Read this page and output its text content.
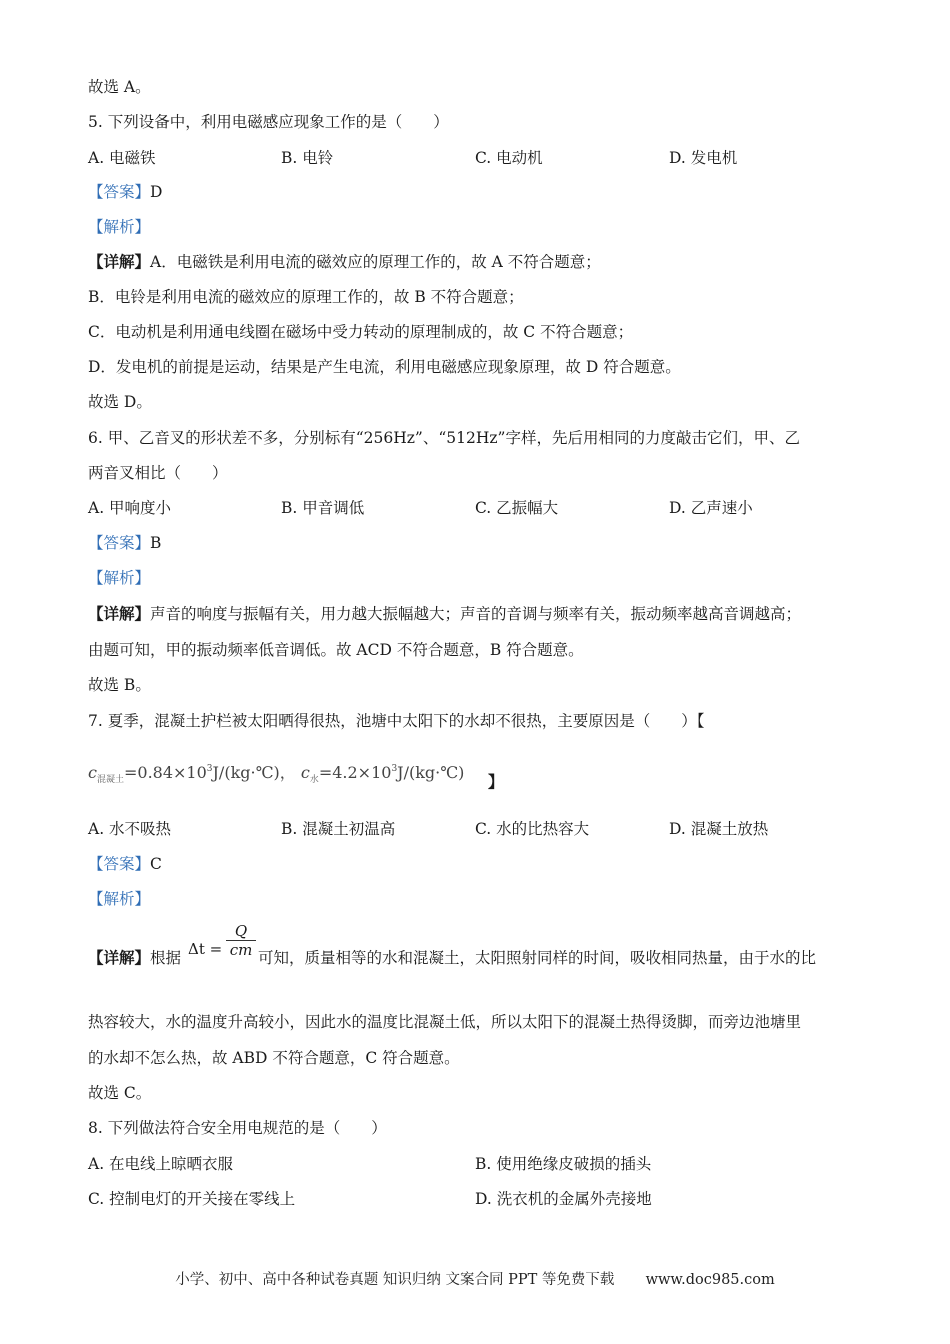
故选 A。
5. 下列设备中，利用电磁感应现象工作的是（　　）
A. 电磁铁	B. 电铃	C. 电动机	D. 发电机
【答案】D
【解析】
【详解】A．电磁铁是利用电流的磁效应的原理工作的，故 A 不符合题意；
B．电铃是利用电流的磁效应的原理工作的，故 B 不符合题意；
C．电动机是利用通电线圈在磁场中受力转动的原理制成的，故 C 不符合题意；
D．发电机的前提是运动，结果是产生电流，利用电磁感应现象原理，故 D 符合题意。
故选 D。
6. 甲、乙音叉的形状差不多，分别标有“256Hz”、“512Hz”字样，先后用相同的力度敲击它们，甲、乙
两音叉相比（　　）
A. 甲响度小	B. 甲音调低	C. 乙振幅大	D. 乙声速小
【答案】B
【解析】
【详解】声音的响度与振幅有关，用力越大振幅越大；声音的音调与频率有关，振动频率越高音调越高；
由题可知，甲的振动频率低音调低。故 ACD 不符合题意，B 符合题意。
故选 B。
7. 夏季，混凝土护栏被太阳晒得很热，池塘中太阳下的水却不很热，主要原因是（　　）【
$c_{混凝土}=0.84\times 10^3J/(kg\cdot℃)$， $c_水=4.2\times 10^3J/(kg\cdot℃)$ 】
A. 水不吸热	B. 混凝土初温高	C. 水的比热容大	D. 混凝土放热
【答案】C
【解析】
【详解】根据 $\Delta t = \frac{Q}{cm}$ 可知，质量相等的水和混凝土，太阳照射同样的时间，吸收相同热量，由于水的比
热容较大，水的温度升高较小，因此水的温度比混凝土低，所以太阳下的混凝土热得烫脚，而旁边池塘里
的水却不怎么热，故 ABD 不符合题意，C 符合题意。
故选 C。
8. 下列做法符合安全用电规范的是（　　）
A. 在电线上晾晒衣服	B. 使用绝缘皮破损的插头
C. 控制电灯的开关接在零线上	D. 洗衣机的金属外壳接地
小学、初中、高中各种试卷真题 知识归纳 文案合同 PPT 等免费下载 www.doc985.com
